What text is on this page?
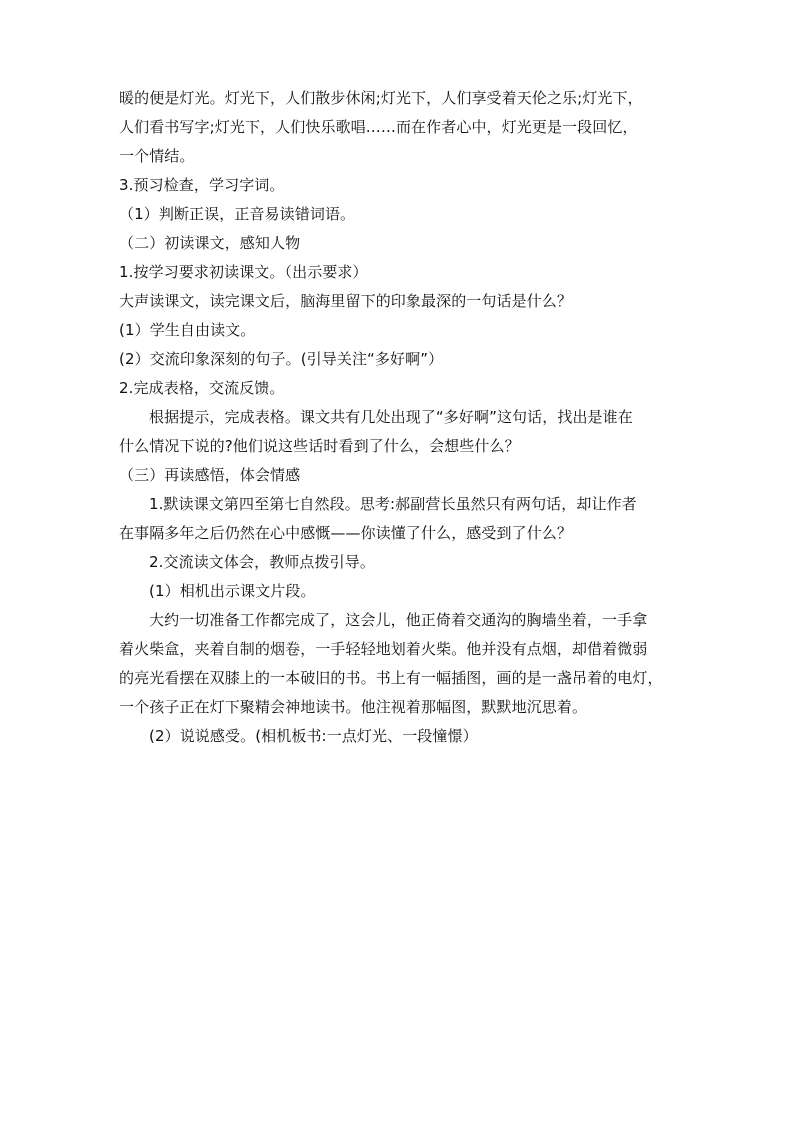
暖的便是灯光。灯光下，人们散步休闲;灯光下，人们享受着天伦之乐;灯光下，
人们看书写字;灯光下，人们快乐歌唱……而在作者心中，灯光更是一段回忆，
一个情结。
3.预习检查，学习字词。
（1）判断正误，正音易读错词语。
（二）初读课文，感知人物
1.按学习要求初读课文。（出示要求）
大声读课文，读完课文后，脑海里留下的印象最深的一句话是什么？
(1）学生自由读文。
(2）交流印象深刻的句子。(引导关注“多好啊”）
2.完成表格，交流反馈。
根据提示，完成表格。课文共有几处出现了“多好啊”这句话，找出是谁在
什么情况下说的?他们说这些话时看到了什么，会想些什么？
（三）再读感悟，体会情感
1.默读课文第四至第七自然段。思考:郝副营长虽然只有两句话，却让作者
在事隔多年之后仍然在心中感慨——你读懂了什么，感受到了什么？
2.交流读文体会，教师点拨引导。
(1）相机出示课文片段。
大约一切准备工作都完成了，这会儿，他正倚着交通沟的胸墙坐着，一手拿
着火柴盒，夹着自制的烟卷，一手轻轻地划着火柴。他并没有点烟，却借着微弱
的亮光看摆在双膝上的一本破旧的书。书上有一幅插图，画的是一盏吊着的电灯，
一个孩子正在灯下聚精会神地读书。他注视着那幅图，默默地沉思着。
(2）说说感受。(相机板书:一点灯光、一段憧憬）
